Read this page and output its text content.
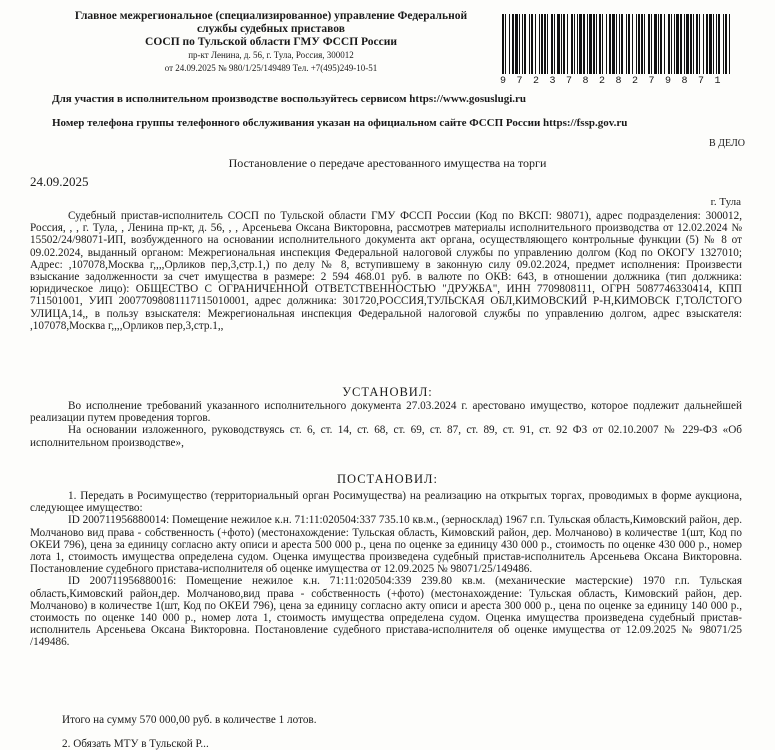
Главное межрегиональное (специализированное) управление Федеральной
службы судебных приставов
СОСП по Тульской области ГМУ ФССП России
пр-кт Ленина, д. 56, г. Тула, Россия, 300012
от 24.09.2025 № 980/1/25/149489 Тел. +7(495)249-10-51
97237828279871
Для участия в исполнительном производстве воспользуйтесь сервисом https://www.gosuslugi.ru
Номер телефона группы телефонного обслуживания указан на официальном сайте ФССП России https://fssp.gov.ru
В ДЕЛО
Постановление о передаче арестованного имущества на торги
24.09.2025
г. Тула

Судебный пристав-исполнитель СОСП по Тульской области ГМУ ФССП России (Код по ВКСП: 98071), адрес подразделения: 300012, Россия, , , г. Тула, , Ленина пр-кт, д. 56, , , Арсеньева Оксана Викторовна, рассмотрев материалы исполнительного производства от 12.02.2024 № 15502/24/98071-ИП, возбужденного на основании исполнительного документа акт органа, осуществляющего контрольные функции (5) № 8 от 09.02.2024, выданный органом: Межрегиональная инспекция Федеральной налоговой службы по управлению долгом (Код по ОКОГУ 1327010; Адрес: ,107078,Москва г,,,,Орликов пер,3,стр.1,) по делу № 8, вступившему в законную силу 09.02.2024, предмет исполнения: Произвести взыскание задолженности за счет имущества в размере: 2 594 468.01 руб. в валюте по ОКВ: 643, в отношении должника (тип должника: юридическое лицо): ОБЩЕСТВО С ОГРАНИЧЕННОЙ ОТВЕТСТВЕННОСТЬЮ "ДРУЖБА", ИНН 7709808111, ОГРН 5087746330414, КПП 711501001, УИП 20077098081117115010001, адрес должника: 301720,РОССИЯ,ТУЛЬСКАЯ ОБЛ,КИМОВСКИЙ Р-Н,КИМОВСК Г,ТОЛСТОГО УЛИЦА,14,, в пользу взыскателя: Межрегиональная инспекция Федеральной налоговой службы по управлению долгом, адрес взыскателя: ,107078,Москва г,,,,Орликов пер,3,стр.1,,

УСТАНОВИЛ:

Во исполнение требований указанного исполнительного документа 27.03.2024 г. арестовано имущество, которое подлежит дальнейшей реализации путем проведения торгов.

На основании изложенного, руководствуясь ст. 6, ст. 14, ст. 68, ст. 69, ст. 87, ст. 89, ст. 91, ст. 92 ФЗ от 02.10.2007 № 229-ФЗ «Об исполнительном производстве»,

ПОСТАНОВИЛ:

1. Передать в Росимущество (территориальный орган Росимущества) на реализацию на открытых торгах, проводимых в форме аукциона, следующее имущество:

ID 200711956880014: Помещение нежилое к.н. 71:11:020504:337 735.10 кв.м., (зерносклад) 1967 г.п. Тульская область,Кимовский район, дер. Молчаново вид права - собственность (+фото) (местонахождение: Тульская область, Кимовский район, дер. Молчаново) в количестве 1(шт, Код по ОКЕИ 796), цена за единицу согласно акту описи и ареста 500 000 р., цена по оценке за единицу 430 000 р., стоимость по оценке 430 000 р., номер лота 1, стоимость имущества определена судом. Оценка имущества произведена судебный пристав-исполнитель Арсеньева Оксана Викторовна. Постановление судебного пристава-исполнителя об оценке имущества от 12.09.2025 № 98071/25/149486.

ID 200711956880016: Помещение нежилое к.н. 71:11:020504:339 239.80 кв.м. (механические мастерские) 1970 г.п. Тульская область,Кимовский район,дер. Молчаново,вид права - собственность (+фото) (местонахождение: Тульская область, Кимовский район, дер. Молчаново) в количестве 1(шт, Код по ОКЕИ 796), цена за единицу согласно акту описи и ареста 300 000 р., цена по оценке за единицу 140 000 р., стоимость по оценке 140 000 р., номер лота 1, стоимость имущества определена судом. Оценка имущества произведена судебный пристав-исполнитель Арсеньева Оксана Викторовна. Постановление судебного пристава-исполнителя об оценке имущества от 12.09.2025 № 98071/25 /149486.

Итого на сумму 570 000,00 руб. в количестве 1 лотов.
2. Обязать МТУ в Тульской Р...
